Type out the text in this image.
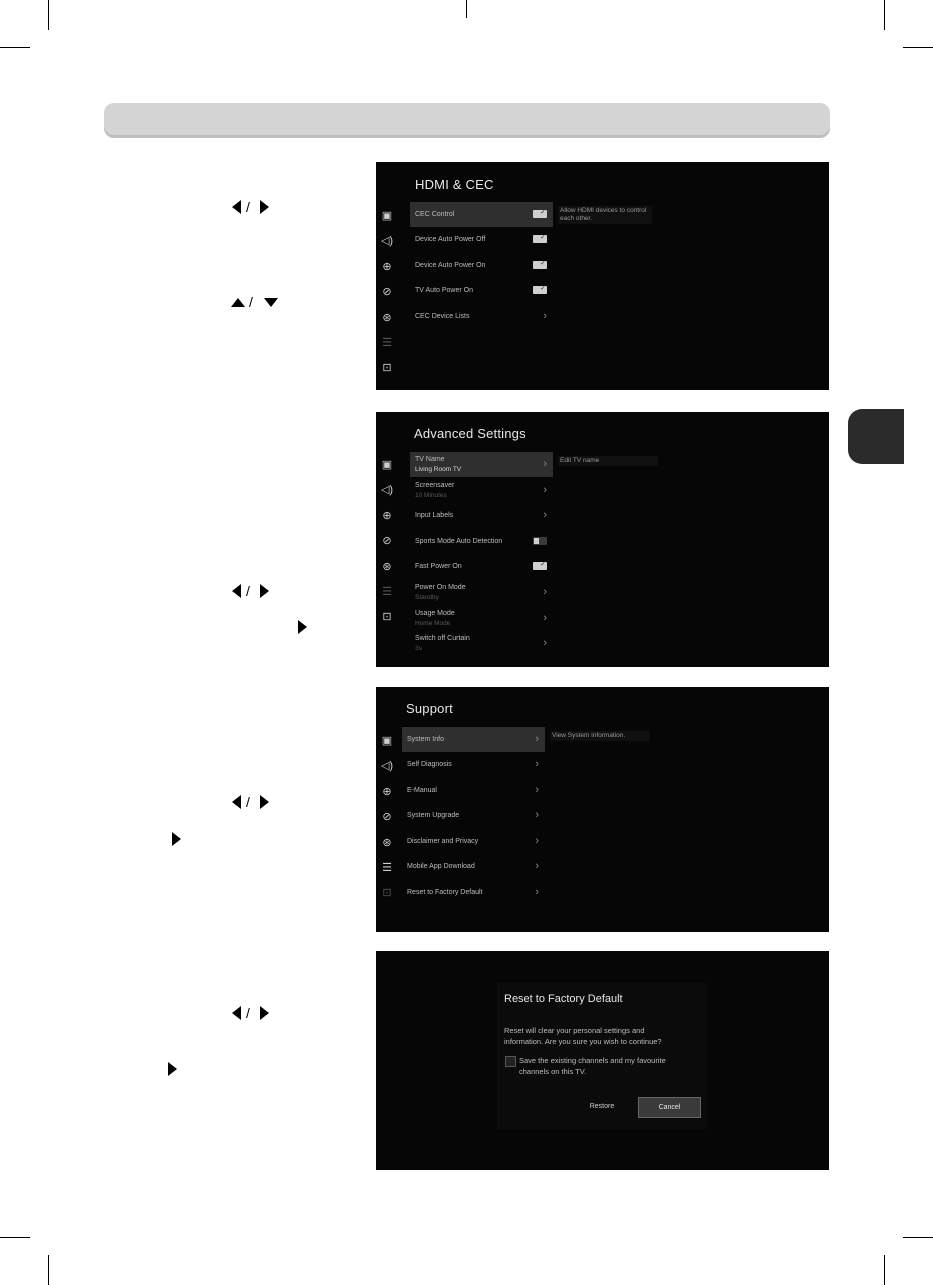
/
/
/
/
/
HDMI & CEC
▣
◁)
⊕
⊘
⊛
☰
⊡
CEC Control
✓
Device Auto Power Off
✓
Device Auto Power On
✓
TV Auto Power On
✓
CEC Device Lists	›
Allow HDMI devices to control each other.
Advanced Settings
▣
◁)
⊕
⊘
⊛
☰
⊡
TV Name
Living Room TV	›
Screensaver
10 Minutes	›
Input Labels	›
Sports Mode Auto Detection
Fast Power On
✓
Power On Mode
Standby	›
Usage Mode
Home Mode	›
Switch off Curtain
3s	›
Edit TV name
Support
▣
◁)
⊕
⊘
⊛
☰
⊡
System Info	›
Self Diagnosis	›
E-Manual	›
System Upgrade	›
Disclaimer and Privacy	›
Mobile App Download	›
Reset to Factory Default	›
View System information.
Reset to Factory Default
Reset will clear your personal settings and
information. Are you sure you wish to continue?
Save the existing channels and my favourite
channels on this TV.
Restore	Cancel
